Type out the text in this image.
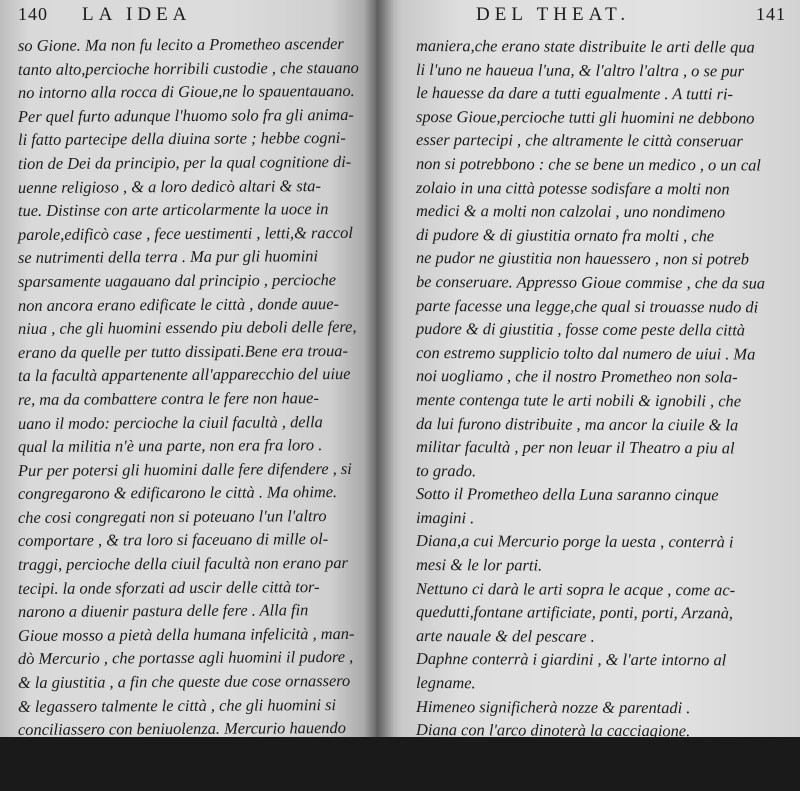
140 LA IDEA
so Gione. Ma non fu lecito a Prometheo ascender
tanto alto,percioche horribili custodie , che stauano
no intorno alla rocca di Gioue,ne lo spauentauano.
Per quel furto adunque l'huomo solo fra gli anima-
li fatto partecipe della diuina sorte ; hebbe cogni-
tion de Dei da principio, per la qual cognitione di-
uenne religioso , & a loro dedicò altari & sta-
tue. Distinse con arte articolarmente la uoce in
parole,edificò case , fece uestimenti , letti,& raccol
se nutrimenti della terra . Ma pur gli huomini
sparsamente uagauano dal principio , percioche
non ancora erano edificate le città , donde auue-
niua , che gli huomini essendo piu deboli delle fere,
erano da quelle per tutto dissipati.Bene era troua-
ta la facultà appartenente all'apparecchio del uiue
re, ma da combattere contra le fere non haue-
uano il modo: percioche la ciuil facultà , della
qual la militia n'è una parte, non era fra loro .
Pur per potersi gli huomini dalle fere difendere , si
congregarono & edificarono le città . Ma ohime.
che cosi congregati non si poteuano l'un l'altro
comportare , & tra loro si faceuano di mille ol-
traggi, percioche della ciuil facultà non erano par
tecipi. la onde sforzati ad uscir delle città tor-
narono a diuenir pastura delle fere . Alla fin
Gioue mosso a pietà della humana infelicità , man-
dò Mercurio , che portasse agli huomini il pudore ,
& la giustitia , a fin che queste due cose ornassero
& legassero talmente le città , che gli huomini si
conciliassero con beniuolenza. Mercurio hauendo
da portar questi due ornamenti , interrogò il Pa-
dre, se hauea da distribuir questi due doni nella
DEL THEAT.	141
maniera,che erano state distribuite le arti delle qua
li l'uno ne haueua l'una, & l'altro l'altra , o se pur
le hauesse da dare a tutti egualmente . A tutti ri-
spose Gioue,percioche tutti gli huomini ne debbono
esser partecipi , che altramente le città conseruar
non si potrebbono : che se bene un medico , o un cal
zolaio in una città potesse sodisfare a molti non
medici & a molti non calzolai , uno nondimeno
di pudore & di giustitia ornato fra molti , che
ne pudor ne giustitia non hauessero , non si potreb
be conseruare. Appresso Gioue commise , che da sua
parte facesse una legge,che qual si trouasse nudo di
pudore & di giustitia , fosse come peste della città
con estremo supplicio tolto dal numero de uiui . Ma
noi uogliamo , che il nostro Prometheo non sola-
mente contenga tute le arti nobili & ignobili , che
da lui furono distribuite , ma ancor la ciuile & la
militar facultà , per non leuar il Theatro a piu al
to grado.
Sotto il Prometheo della Luna saranno cinque
imagini .
Diana,a cui Mercurio porge la uesta , conterrà i
mesi & le lor parti.
Nettuno ci darà le arti sopra le acque , come ac-
quedutti,fontane artificiate, ponti, porti, Arzanà,
arte nauale & del pescare .
Daphne conterrà i giardini , & l'arte intorno al
legname.
Himeneo significherà nozze & parentadi .
Diana con l'arco dinoterà la cacciagione.
Sotto il Prometheo di Mercurio saranno sei ima-
gini .
